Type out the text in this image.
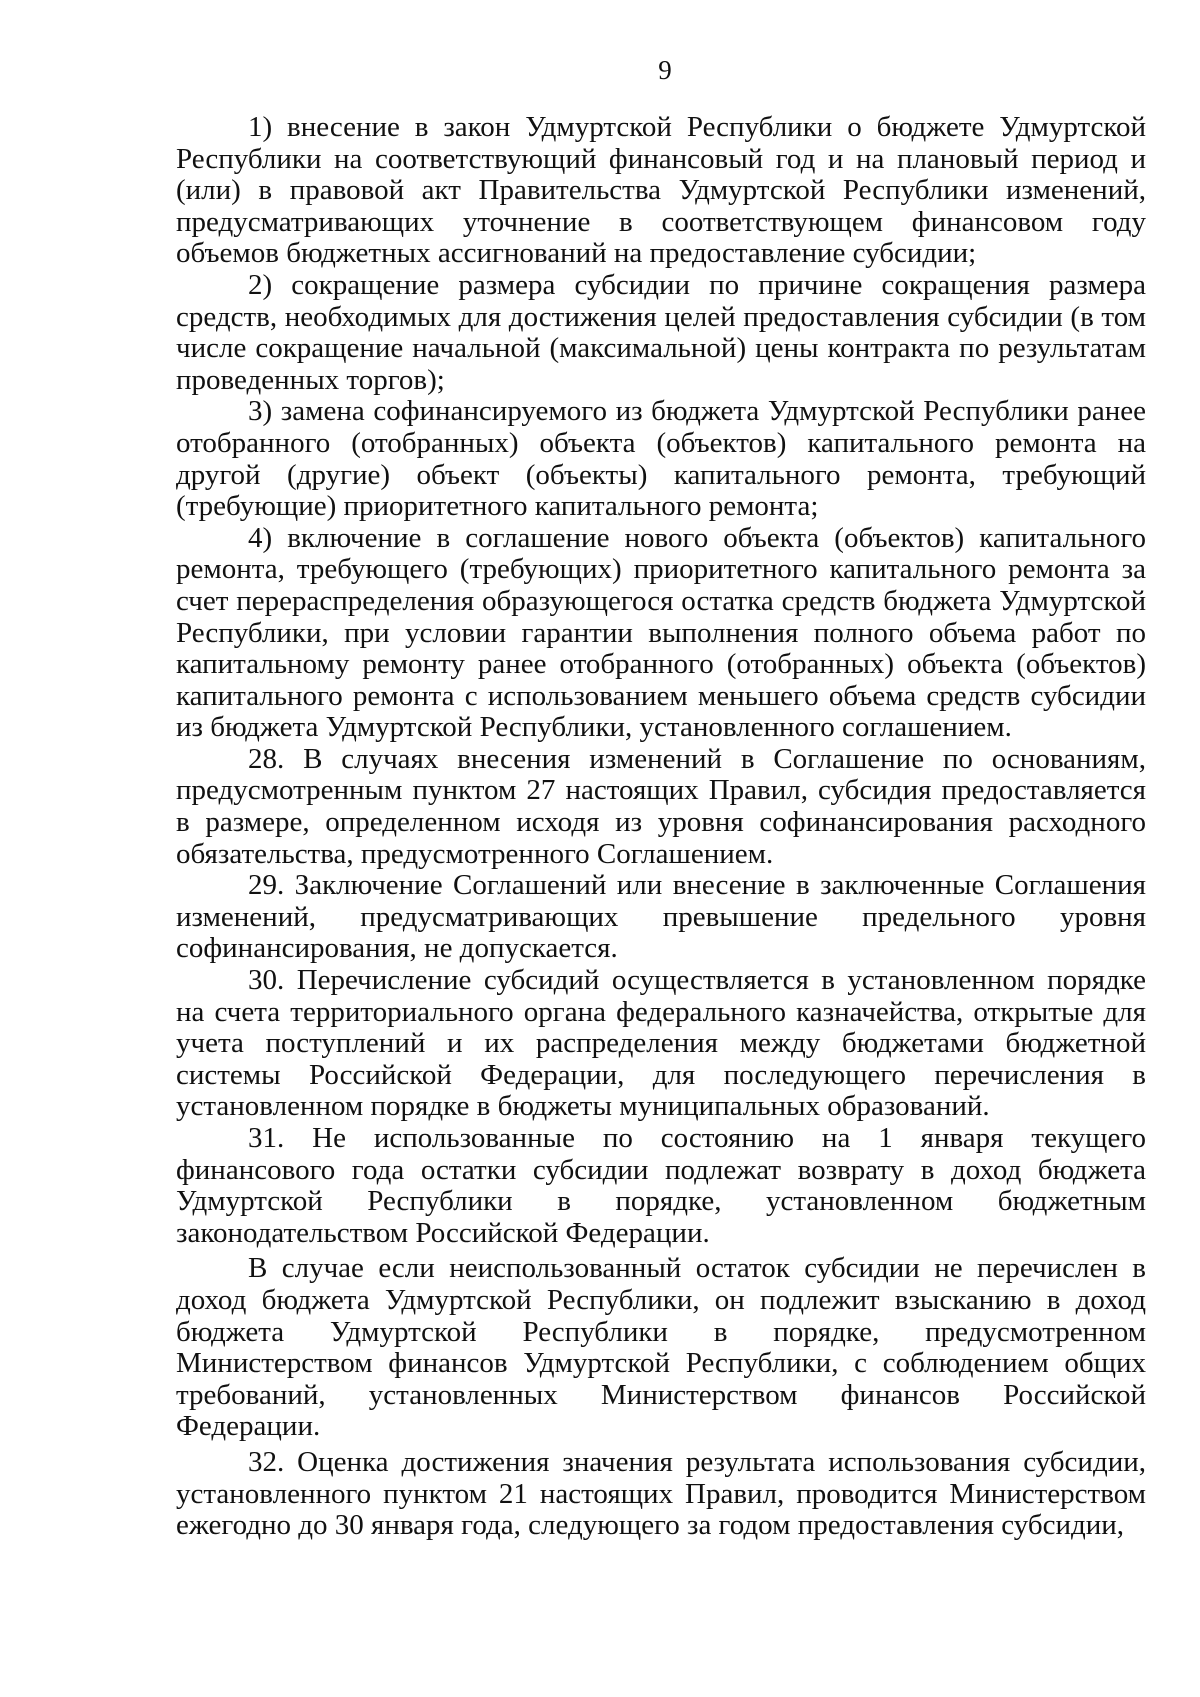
9

1) внесение в закон Удмуртской Республики о бюджете Удмуртской Республики на соответствующий финансовый год и на плановый период и (или) в правовой акт Правительства Удмуртской Республики изменений, предусматривающих уточнение в соответствующем финансовом году объемов бюджетных ассигнований на предоставление субсидии;

2) сокращение размера субсидии по причине сокращения размера средств, необходимых для достижения целей предоставления субсидии (в том числе сокращение начальной (максимальной) цены контракта по результатам проведенных торгов);

3) замена софинансируемого из бюджета Удмуртской Республики ранее отобранного (отобранных) объекта (объектов) капитального ремонта на другой (другие) объект (объекты) капитального ремонта, требующий (требующие) приоритетного капитального ремонта;

4) включение в соглашение нового объекта (объектов) капитального ремонта, требующего (требующих) приоритетного капитального ремонта за счет перераспределения образующегося остатка средств бюджета Удмуртской Республики, при условии гарантии выполнения полного объема работ по капитальному ремонту ранее отобранного (отобранных) объекта (объектов) капитального ремонта с использованием меньшего объема средств субсидии из бюджета Удмуртской Республики, установленного соглашением.

28. В случаях внесения изменений в Соглашение по основаниям, предусмотренным пунктом 27 настоящих Правил, субсидия предоставляется в размере, определенном исходя из уровня софинансирования расходного обязательства, предусмотренного Соглашением.

29. Заключение Соглашений или внесение в заключенные Соглашения изменений, предусматривающих превышение предельного уровня софинансирования, не допускается.

30. Перечисление субсидий осуществляется в установленном порядке на счета территориального органа федерального казначейства, открытые для учета поступлений и их распределения между бюджетами бюджетной системы Российской Федерации, для последующего перечисления в установленном порядке в бюджеты муниципальных образований.

31. Не использованные по состоянию на 1 января текущего финансового года остатки субсидии подлежат возврату в доход бюджета Удмуртской Республики в порядке, установленном бюджетным законодательством Российской Федерации.

В случае если неиспользованный остаток субсидии не перечислен в доход бюджета Удмуртской Республики, он подлежит взысканию в доход бюджета Удмуртской Республики в порядке, предусмотренном Министерством финансов Удмуртской Республики, с соблюдением общих требований, установленных Министерством финансов Российской Федерации.

32. Оценка достижения значения результата использования субсидии, установленного пунктом 21 настоящих Правил, проводится Министерством ежегодно до 30 января года, следующего за годом предоставления субсидии,
